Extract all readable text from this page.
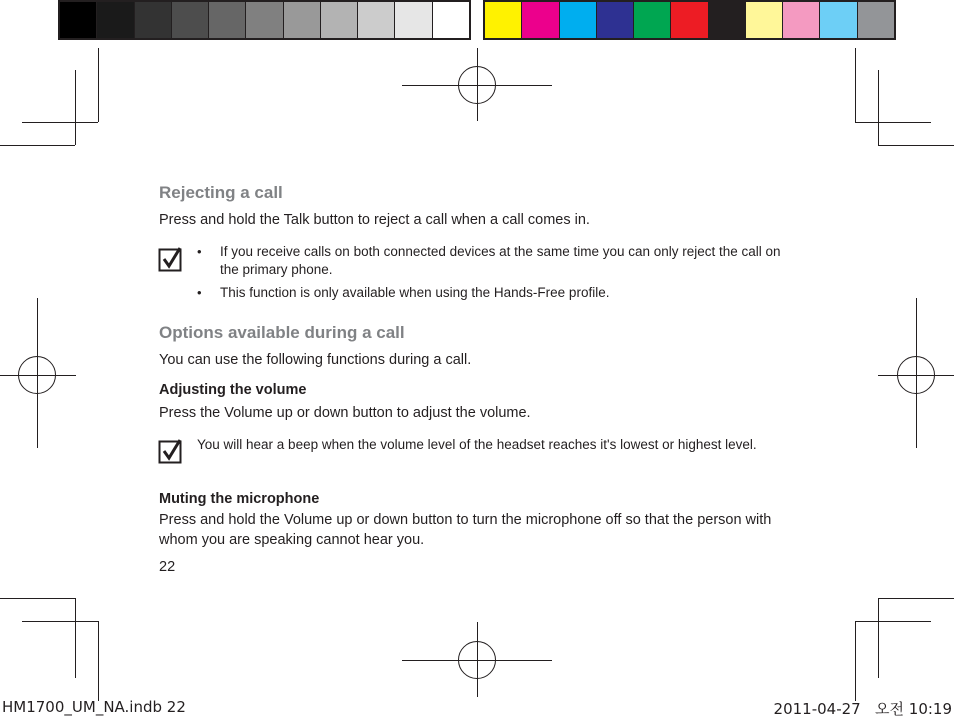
Rejecting a call
Press and hold the Talk button to reject a call when a call comes in.
• If you receive calls on both connected devices at the same time you can only reject the call on the primary phone.
• This function is only available when using the Hands-Free profile.
Options available during a call
You can use the following functions during a call.
Adjusting the volume
Press the Volume up or down button to adjust the volume.
You will hear a beep when the volume level of the headset reaches it's lowest or highest level.
Muting the microphone
Press and hold the Volume up or down button to turn the microphone off so that the person with whom you are speaking cannot hear you.
22
HM1700_UM_NA.indb 22	2011-04-27   오전 10:19
